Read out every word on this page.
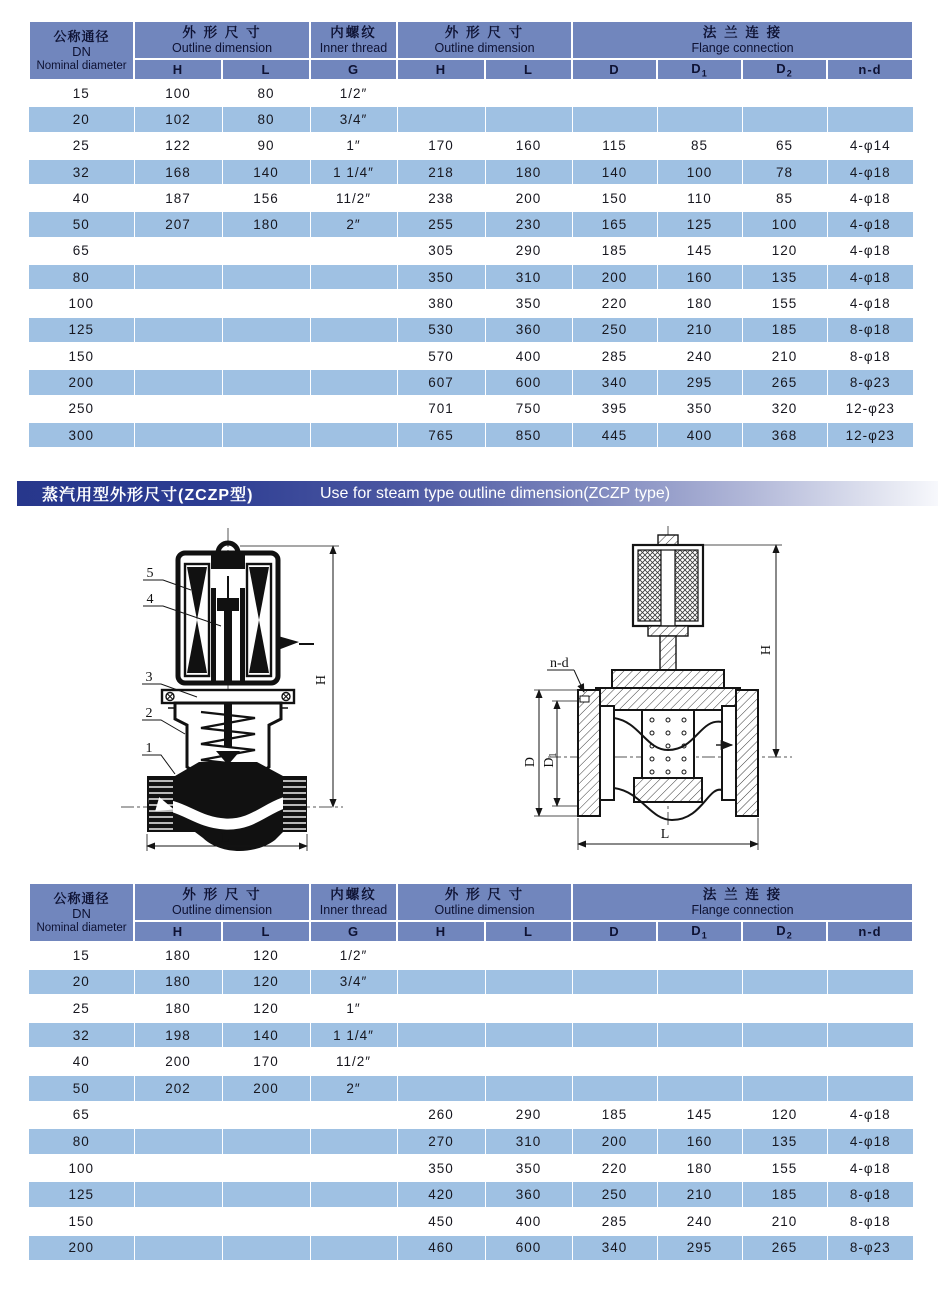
公称通径
DN
Nominal diameter

外 形 尺 寸
Outline dimension

内螺纹
Inner thread

外 形 尺 寸
Outline dimension

法 兰 连 接
Flange connection

	H	L	G	H	L	D	$D_1$	$D_2$	n-d
15	100	80	1/2″						
20	102	80	3/4″						
25	122	90	1″	170	160	115	85	65	4-φ14
32	168	140	1 1/4″	218	180	140	100	78	4-φ18
40	187	156	11/2″	238	200	150	110	85	4-φ18
50	207	180	2″	255	230	165	125	100	4-φ18
65				305	290	185	145	120	4-φ18
80				350	310	200	160	135	4-φ18
100				380	350	220	180	155	4-φ18
125				530	360	250	210	185	8-φ18
150				570	400	285	240	210	8-φ18
200				607	600	340	295	265	8-φ23
250				701	750	395	350	320	12-φ23
300				765	850	445	400	368	12-φ23
蒸汽用型外形尺寸(ZCZP型)	Use for steam type outline dimension(ZCZP type)
H
L
5
4
3
2
1
n-d
D $D_1$
H
L
公称通径
DN
Nominal diameter

外 形 尺 寸
Outline dimension

内螺纹
Inner thread

外 形 尺 寸
Outline dimension

法 兰 连 接
Flange connection

	H	L	G	H	L	D	$D_1$	$D_2$	n-d
15	180	120	1/2″						
20	180	120	3/4″						
25	180	120	1″						
32	198	140	1 1/4″						
40	200	170	11/2″						
50	202	200	2″						
65				260	290	185	145	120	4-φ18
80				270	310	200	160	135	4-φ18
100				350	350	220	180	155	4-φ18
125				420	360	250	210	185	8-φ18
150				450	400	285	240	210	8-φ18
200				460	600	340	295	265	8-φ23
